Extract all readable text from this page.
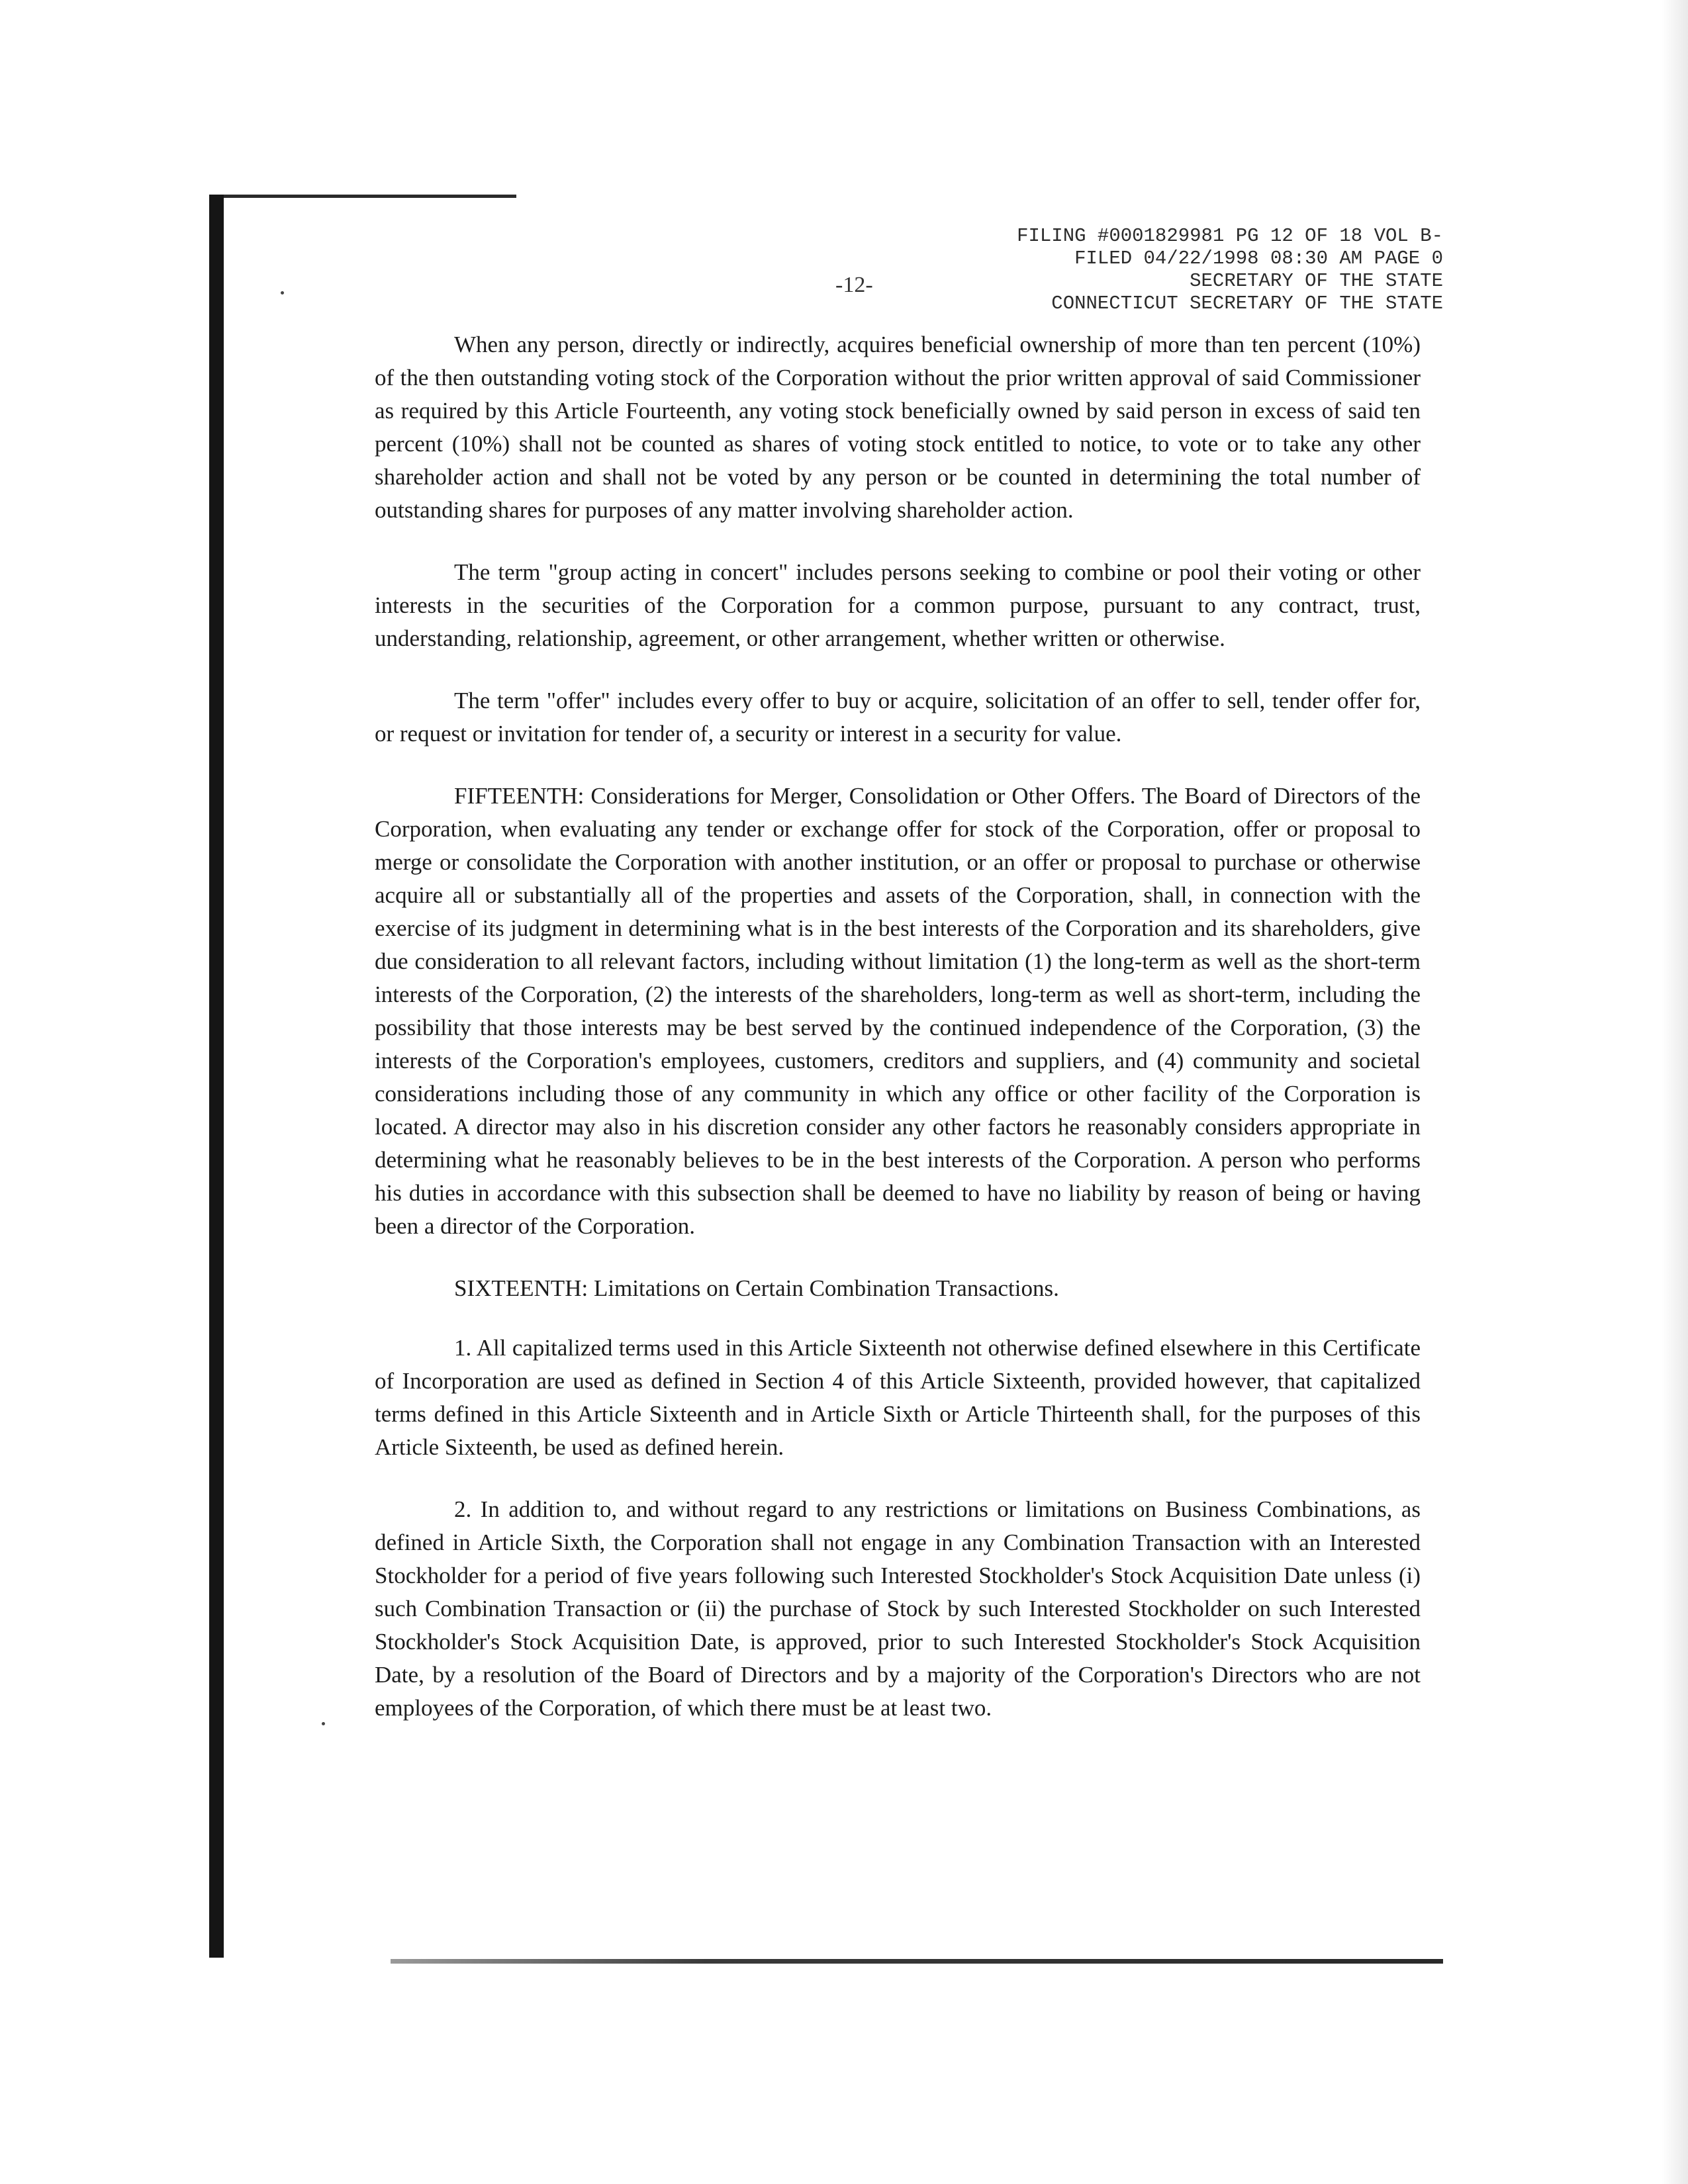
FILING #0001829981 PG 12 OF 18 VOL B-
FILED 04/22/1998 08:30 AM PAGE 0
SECRETARY OF THE STATE
CONNECTICUT SECRETARY OF THE STATE
-12-

When any person, directly or indirectly, acquires beneficial ownership of more than ten percent (10%) of the then outstanding voting stock of the Corporation without the prior written approval of said Commissioner as required by this Article Fourteenth, any voting stock beneficially owned by said person in excess of said ten percent (10%) shall not be counted as shares of voting stock entitled to notice, to vote or to take any other shareholder action and shall not be voted by any person or be counted in determining the total number of outstanding shares for purposes of any matter involving shareholder action.

The term "group acting in concert" includes persons seeking to combine or pool their voting or other interests in the securities of the Corporation for a common purpose, pursuant to any contract, trust, understanding, relationship, agreement, or other arrangement, whether written or otherwise.

The term "offer" includes every offer to buy or acquire, solicitation of an offer to sell, tender offer for, or request or invitation for tender of, a security or interest in a security for value.

FIFTEENTH: Considerations for Merger, Consolidation or Other Offers. The Board of Directors of the Corporation, when evaluating any tender or exchange offer for stock of the Corporation, offer or proposal to merge or consolidate the Corporation with another institution, or an offer or proposal to purchase or otherwise acquire all or substantially all of the properties and assets of the Corporation, shall, in connection with the exercise of its judgment in determining what is in the best interests of the Corporation and its shareholders, give due consideration to all relevant factors, including without limitation (1) the long-term as well as the short-term interests of the Corporation, (2) the interests of the shareholders, long-term as well as short-term, including the possibility that those interests may be best served by the continued independence of the Corporation, (3) the interests of the Corporation's employees, customers, creditors and suppliers, and (4) community and societal considerations including those of any community in which any office or other facility of the Corporation is located. A director may also in his discretion consider any other factors he reasonably considers appropriate in determining what he reasonably believes to be in the best interests of the Corporation. A person who performs his duties in accordance with this subsection shall be deemed to have no liability by reason of being or having been a director of the Corporation.

SIXTEENTH: Limitations on Certain Combination Transactions.

1. All capitalized terms used in this Article Sixteenth not otherwise defined elsewhere in this Certificate of Incorporation are used as defined in Section 4 of this Article Sixteenth, provided however, that capitalized terms defined in this Article Sixteenth and in Article Sixth or Article Thirteenth shall, for the purposes of this Article Sixteenth, be used as defined herein.

2. In addition to, and without regard to any restrictions or limitations on Business Combinations, as defined in Article Sixth, the Corporation shall not engage in any Combination Transaction with an Interested Stockholder for a period of five years following such Interested Stockholder's Stock Acquisition Date unless (i) such Combination Transaction or (ii) the purchase of Stock by such Interested Stockholder on such Interested Stockholder's Stock Acquisition Date, is approved, prior to such Interested Stockholder's Stock Acquisition Date, by a resolution of the Board of Directors and by a majority of the Corporation's Directors who are not employees of the Corporation, of which there must be at least two.
